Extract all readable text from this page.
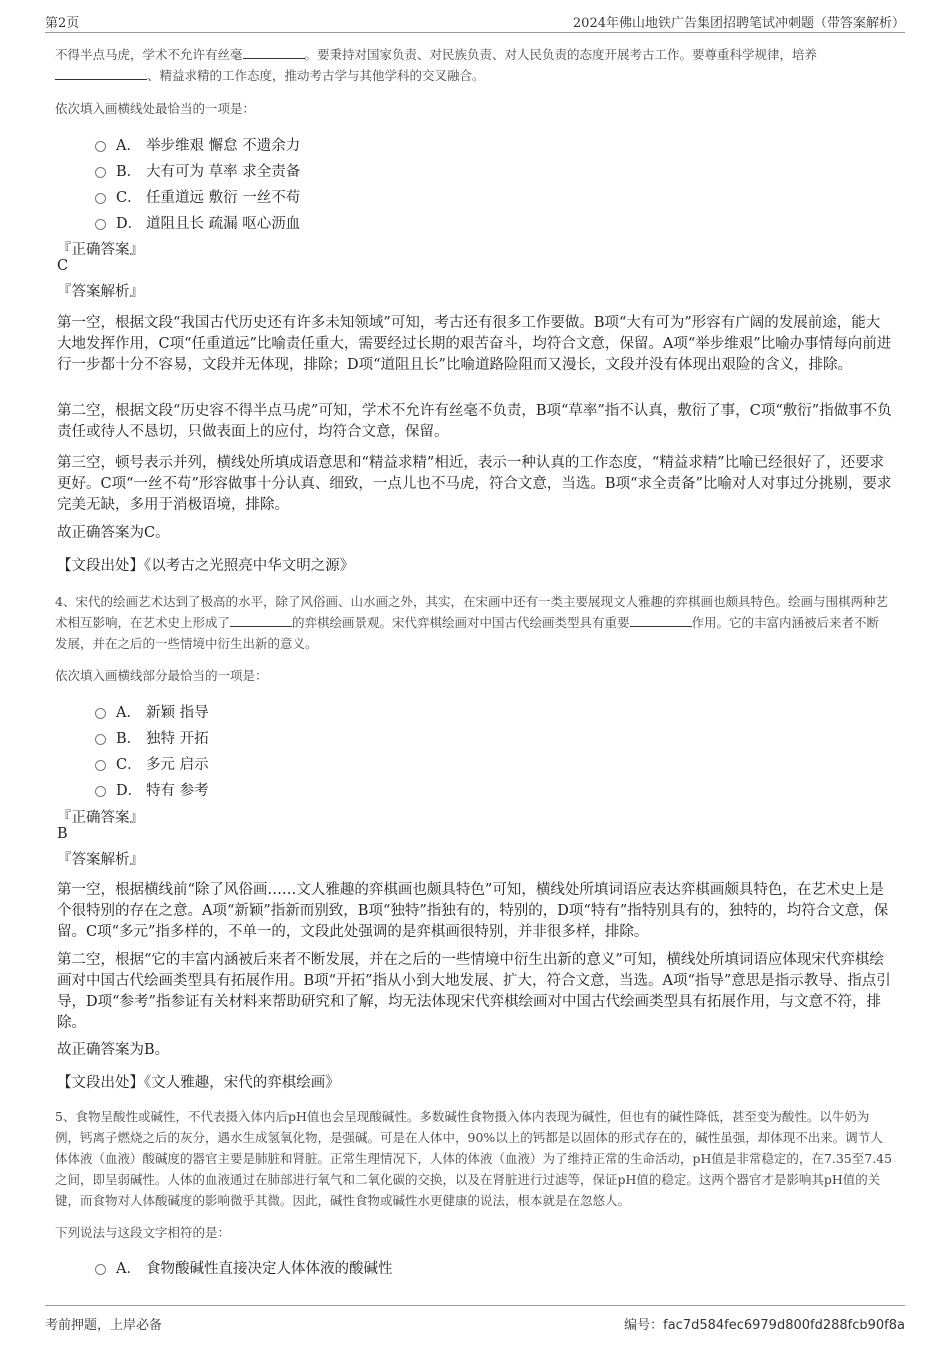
第2页	2024年佛山地铁广告集团招聘笔试冲刺题（带答案解析）
不得半点马虎，学术不允许有丝毫	。要秉持对国家负责、对民族负责、对人民负责的态度开展考古工作。要尊重科学规律，培养、精益求精的工作态度，推动考古学与其他学科的交叉融合。
依次填入画横线处最恰当的一项是：
A． 举步维艰 懈怠 不遗余力
B． 大有可为 草率 求全责备
C． 任重道远 敷衍 一丝不苟
D． 道阻且长 疏漏 呕心沥血
『正确答案』
C
『答案解析』
第一空，根据文段“我国古代历史还有许多未知领域”可知，考古还有很多工作要做。B项“大有可为”形容有广阔的发展前途，能大大地发挥作用，C项“任重道远”比喻责任重大，需要经过长期的艰苦奋斗，均符合文意，保留。A项“举步维艰”比喻办事情每向前进行一步都十分不容易，文段并无体现，排除；D项“道阻且长”比喻道路险阻而又漫长，文段并没有体现出艰险的含义，排除。
第二空，根据文段“历史容不得半点马虎”可知，学术不允许有丝毫不负责，B项“草率”指不认真，敷衍了事，C项“敷衍”指做事不负责任或待人不恳切，只做表面上的应付，均符合文意，保留。
第三空，顿号表示并列，横线处所填成语意思和“精益求精”相近，表示一种认真的工作态度，“精益求精”比喻已经很好了，还要求更好。C项“一丝不苟”形容做事十分认真、细致，一点儿也不马虎，符合文意，当选。B项“求全责备”比喻对人对事过分挑剔，要求完美无缺，多用于消极语境，排除。
故正确答案为C。
【文段出处】《以考古之光照亮中华文明之源》
4、宋代的绘画艺术达到了极高的水平，除了风俗画、山水画之外，其实，在宋画中还有一类主要展现文人雅趣的弈棋画也颇具特色。绘画与围棋两种艺术相互影响，在艺术史上形成了	的弈棋绘画景观。宋代弈棋绘画对中国古代绘画类型具有重要	作用。它的丰富内涵被后来者不断发展，并在之后的一些情境中衍生出新的意义。
依次填入画横线部分最恰当的一项是：
A． 新颖 指导
B． 独特 开拓
C． 多元 启示
D． 特有 参考
『正确答案』
B
『答案解析』
第一空，根据横线前“除了风俗画……文人雅趣的弈棋画也颇具特色”可知，横线处所填词语应表达弈棋画颇具特色，在艺术史上是个很特别的存在之意。A项“新颖”指新而别致，B项“独特”指独有的，特别的，D项“特有”指特别具有的，独特的，均符合文意，保留。C项“多元”指多样的，不单一的，文段此处强调的是弈棋画很特别，并非很多样，排除。
第二空，根据“它的丰富内涵被后来者不断发展，并在之后的一些情境中衍生出新的意义”可知，横线处所填词语应体现宋代弈棋绘画对中国古代绘画类型具有拓展作用。B项“开拓”指从小到大地发展、扩大，符合文意，当选。A项“指导”意思是指示教导、指点引导，D项“参考”指参证有关材料来帮助研究和了解，均无法体现宋代弈棋绘画对中国古代绘画类型具有拓展作用，与文意不符，排除。
故正确答案为B。
【文段出处】《文人雅趣，宋代的弈棋绘画》
5、食物呈酸性或碱性，不代表摄入体内后pH值也会呈现酸碱性。多数碱性食物摄入体内表现为碱性，但也有的碱性降低，甚至变为酸性。以牛奶为例，钙离子燃烧之后的灰分，遇水生成氢氧化物，是强碱。可是在人体中，90%以上的钙都是以固体的形式存在的，碱性虽强，却体现不出来。调节人体体液（血液）酸碱度的器官主要是肺脏和肾脏。正常生理情况下，人体的体液（血液）为了维持正常的生命活动，pH值是非常稳定的，在7.35至7.45之间，即呈弱碱性。人体的血液通过在肺部进行氧气和二氧化碳的交换，以及在肾脏进行过滤等，保证pH值的稳定。这两个器官才是影响其pH值的关键，而食物对人体酸碱度的影响微乎其微。因此，碱性食物或碱性水更健康的说法，根本就是在忽悠人。
下列说法与这段文字相符的是：
A． 食物酸碱性直接决定人体体液的酸碱性
考前押题，上岸必备	编号：fac7d584fec6979d800fd288fcb90f8a
